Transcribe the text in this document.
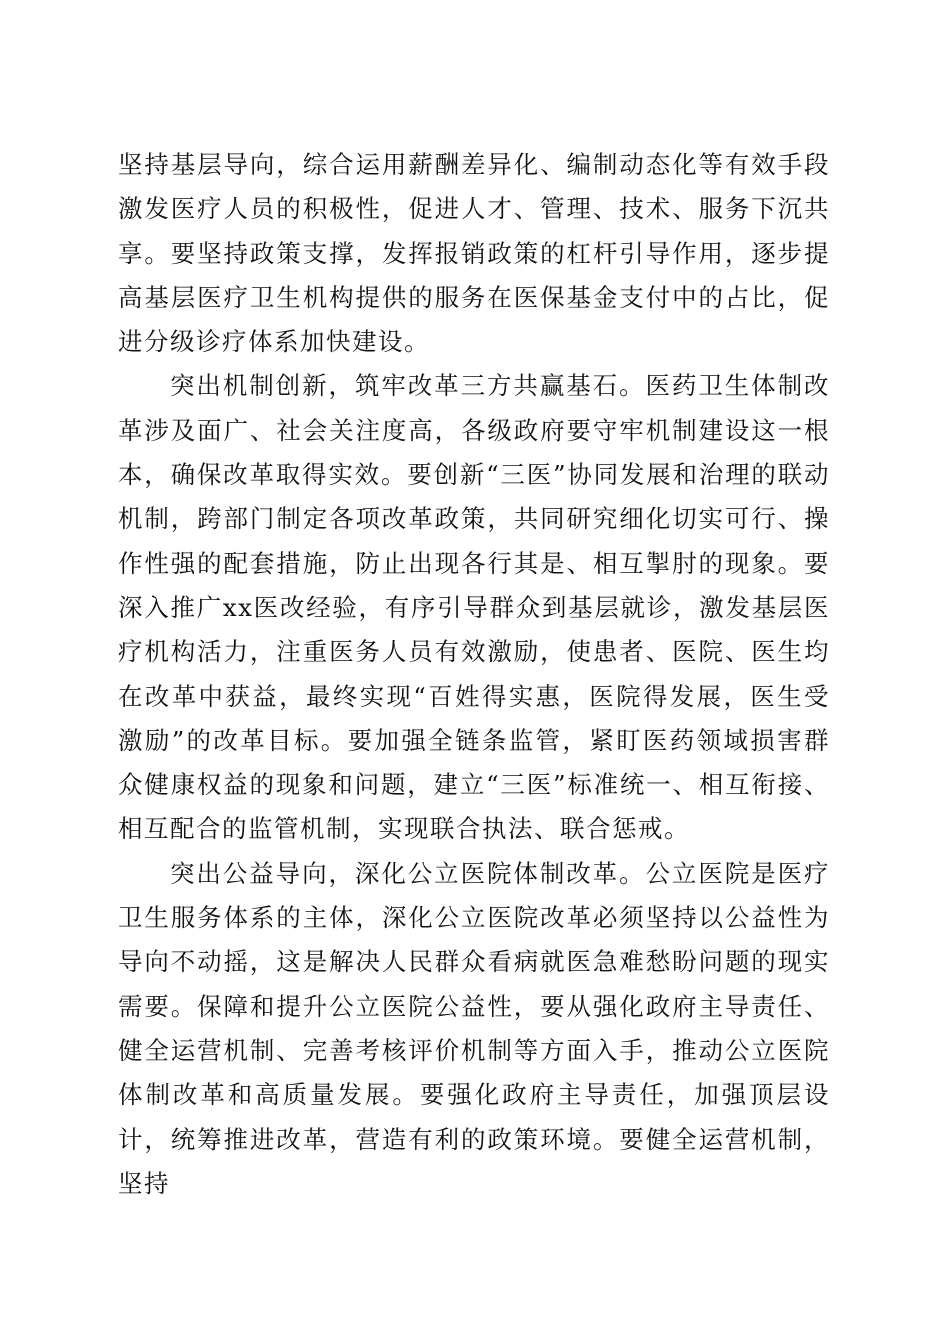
坚持基层导向，综合运用薪酬差异化、编制动态化等有效手段激发医疗人员的积极性，促进人才、管理、技术、服务下沉共享。要坚持政策支撑，发挥报销政策的杠杆引导作用，逐步提高基层医疗卫生机构提供的服务在医保基金支付中的占比，促进分级诊疗体系加快建设。

突出机制创新，筑牢改革三方共赢基石。医药卫生体制改革涉及面广、社会关注度高，各级政府要守牢机制建设这一根本，确保改革取得实效。要创新“三医”协同发展和治理的联动机制，跨部门制定各项改革政策，共同研究细化切实可行、操作性强的配套措施，防止出现各行其是、相互掣肘的现象。要深入推广xx医改经验，有序引导群众到基层就诊，激发基层医疗机构活力，注重医务人员有效激励，使患者、医院、医生均在改革中获益，最终实现“百姓得实惠，医院得发展，医生受激励”的改革目标。要加强全链条监管，紧盯医药领域损害群众健康权益的现象和问题，建立“三医”标准统一、相互衔接、相互配合的监管机制，实现联合执法、联合惩戒。

突出公益导向，深化公立医院体制改革。公立医院是医疗卫生服务体系的主体，深化公立医院改革必须坚持以公益性为导向不动摇，这是解决人民群众看病就医急难愁盼问题的现实需要。保障和提升公立医院公益性，要从强化政府主导责任、健全运营机制、完善考核评价机制等方面入手，推动公立医院体制改革和高质量发展。要强化政府主导责任，加强顶层设计，统筹推进改革，营造有利的政策环境。要健全运营机制，坚持
